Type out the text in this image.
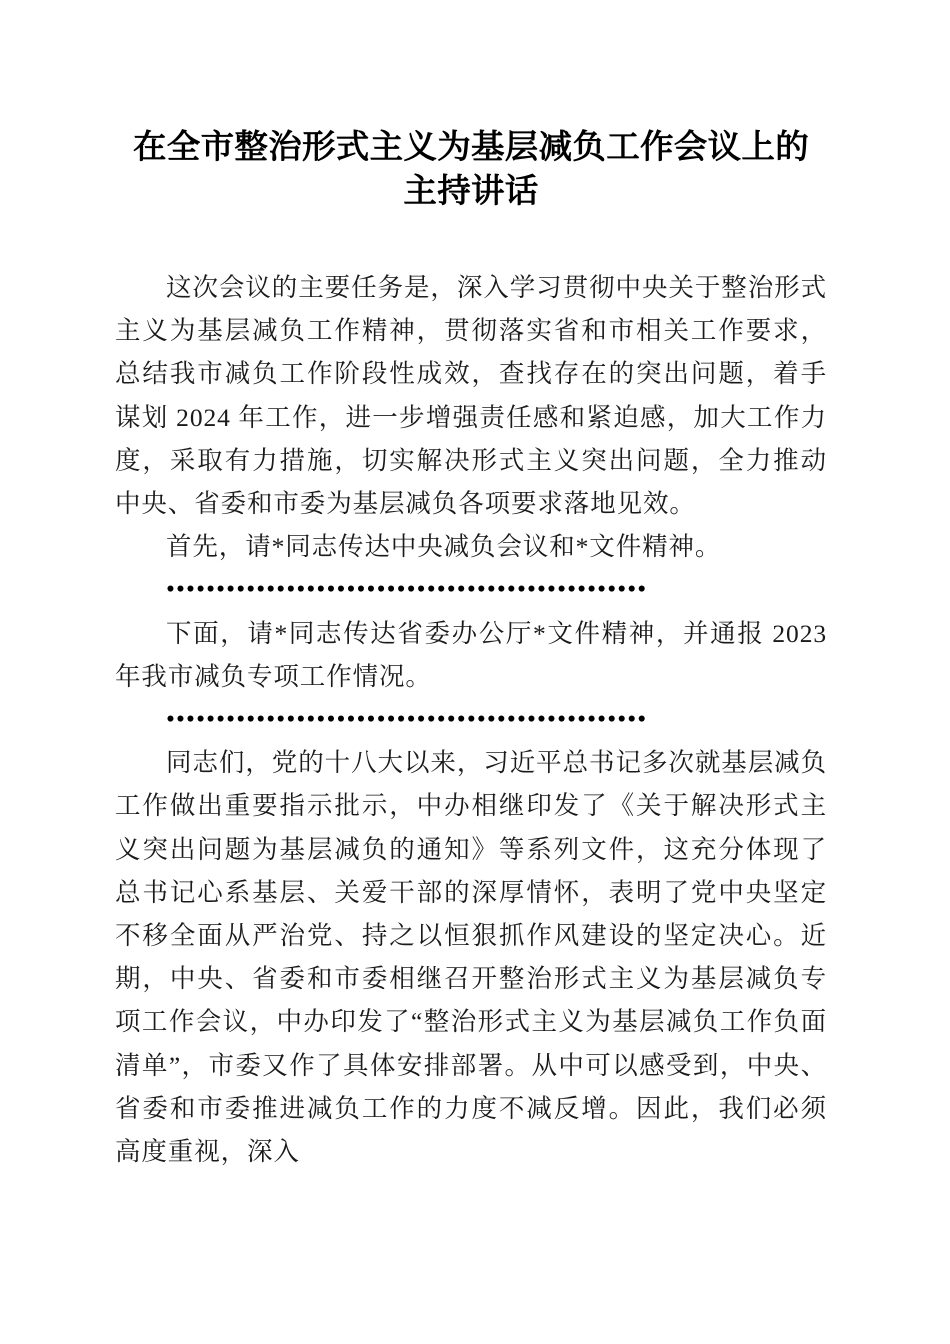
在全市整治形式主义为基层减负工作会议上的
主持讲话

这次会议的主要任务是，深入学习贯彻中央关于整治形式主义为基层减负工作精神，贯彻落实省和市相关工作要求，总结我市减负工作阶段性成效，查找存在的突出问题，着手谋划 2024 年工作，进一步增强责任感和紧迫感，加大工作力度，采取有力措施，切实解决形式主义突出问题，全力推动中央、省委和市委为基层减负各项要求落地见效。

首先，请*同志传达中央减负会议和*文件精神。

••••••••••••••••••••••••••••••••••••••••••••••••

下面，请*同志传达省委办公厅*文件精神，并通报 2023 年我市减负专项工作情况。

••••••••••••••••••••••••••••••••••••••••••••••••

同志们，党的十八大以来，习近平总书记多次就基层减负工作做出重要指示批示，中办相继印发了《关于解决形式主义突出问题为基层减负的通知》等系列文件，这充分体现了总书记心系基层、关爱干部的深厚情怀，表明了党中央坚定不移全面从严治党、持之以恒狠抓作风建设的坚定决心。近期，中央、省委和市委相继召开整治形式主义为基层减负专项工作会议，中办印发了“整治形式主义为基层减负工作负面清单”，市委又作了具体安排部署。从中可以感受到，中央、省委和市委推进减负工作的力度不减反增。因此，我们必须高度重视，深入
